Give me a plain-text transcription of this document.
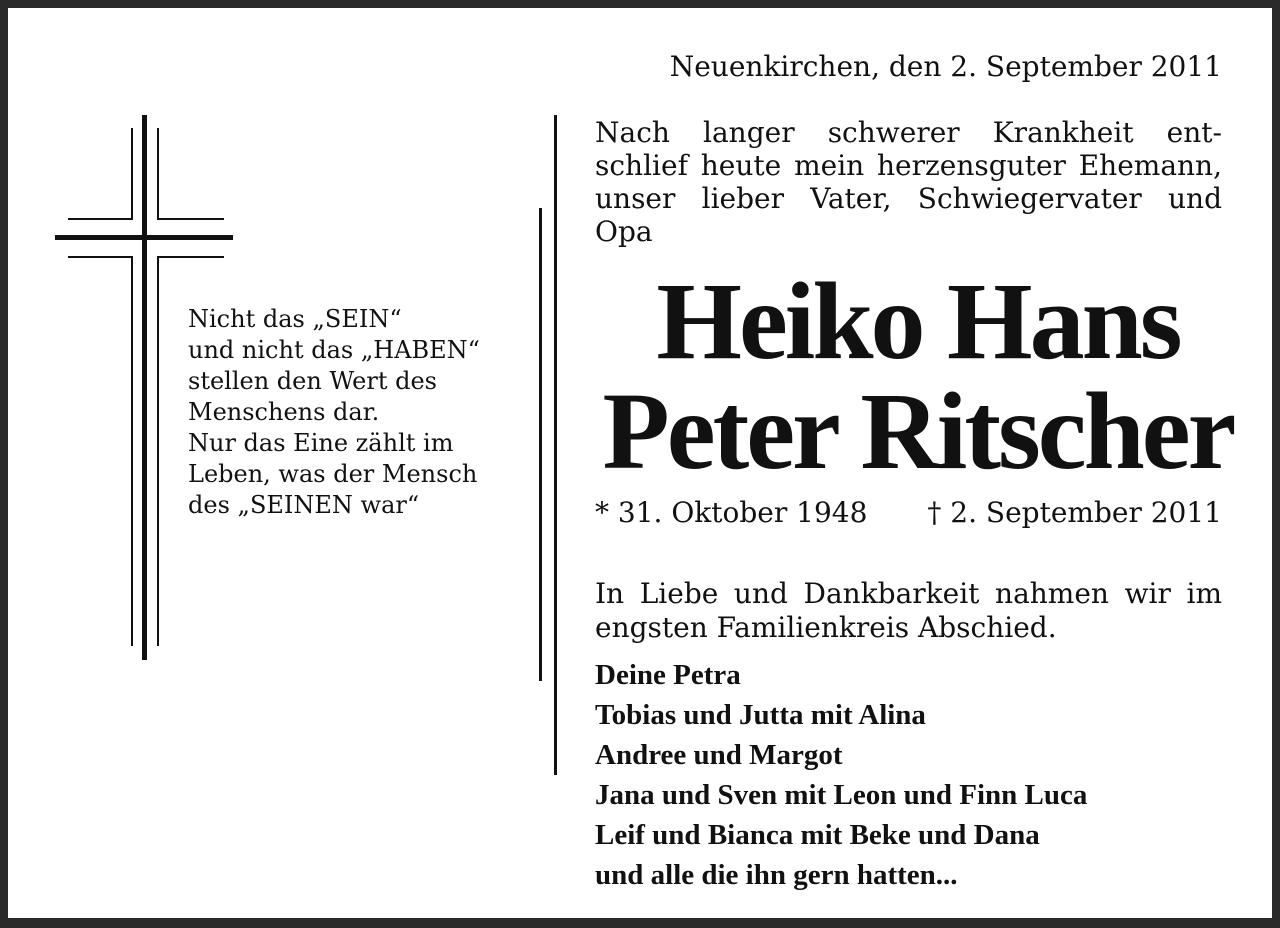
Neuenkirchen, den 2. September 2011
Nach langer schwerer Krankheit ent-
schlief heute mein herzensguter Ehemann,
unser lieber Vater, Schwiegervater und
Opa
Heiko Hans
Peter Ritscher
* 31. Oktober 1948 † 2. September 2011
In Liebe und Dankbarkeit nahmen wir im
engsten Familienkreis Abschied.
Deine Petra
Tobias und Jutta mit Alina
Andree und Margot
Jana und Sven mit Leon und Finn Luca
Leif und Bianca mit Beke und Dana
und alle die ihn gern hatten...
Nicht das „SEIN“
und nicht das „HABEN“
stellen den Wert des
Menschens dar.
Nur das Eine zählt im
Leben, was der Mensch
des „SEINEN war“
